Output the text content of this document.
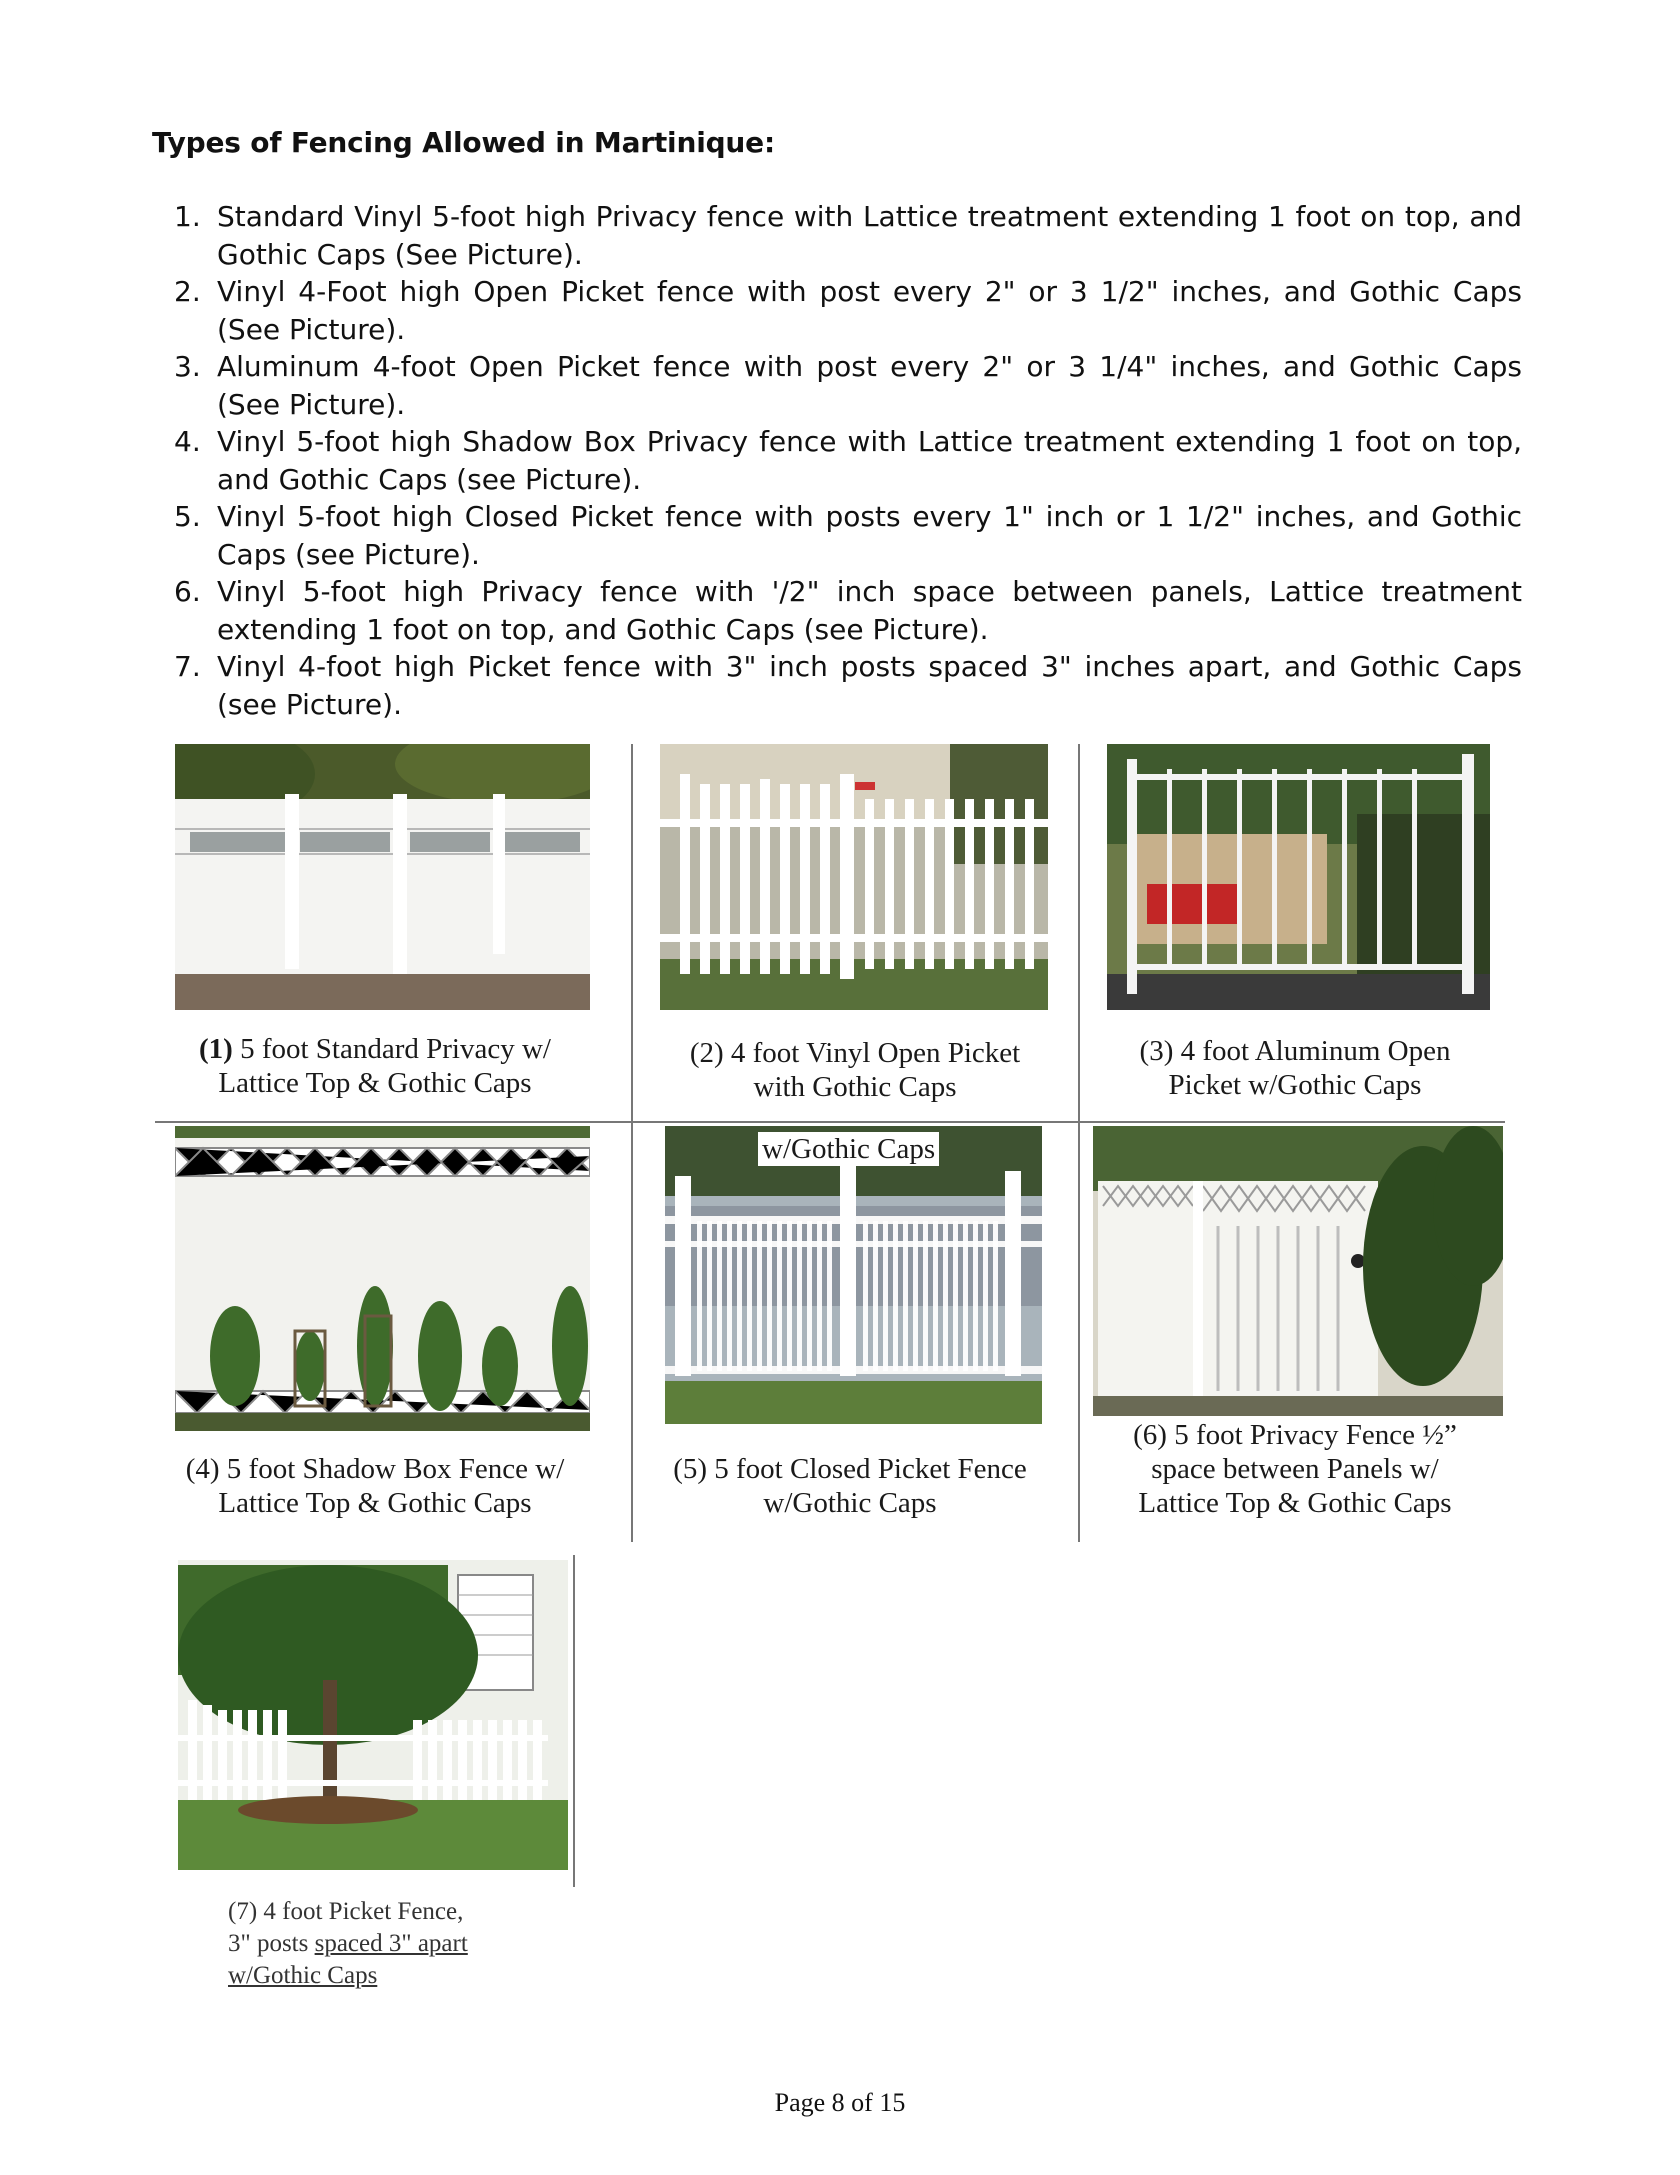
Types of Fencing Allowed in Martinique:
1. Standard Vinyl 5-foot high Privacy fence with Lattice treatment extending 1 foot on top, and Gothic Caps (See Picture).
2. Vinyl 4-Foot high Open Picket fence with post every 2" or 3 1/2" inches, and Gothic Caps (See Picture).
3. Aluminum 4-foot Open Picket fence with post every 2" or 3 1/4" inches, and Gothic Caps (See Picture).
4. Vinyl 5-foot high Shadow Box Privacy fence with Lattice treatment extending 1 foot on top, and Gothic Caps (see Picture).
5. Vinyl 5-foot high Closed Picket fence with posts every 1" inch or 1 1/2" inches, and Gothic Caps (see Picture).
6. Vinyl 5-foot high Privacy fence with '/2" inch space between panels, Lattice treatment extending 1 foot on top, and Gothic Caps (see Picture).
7. Vinyl 4-foot high Picket fence with 3" inch posts spaced 3" inches apart, and Gothic Caps (see Picture).
(1) 5 foot Standard Privacy w/
Lattice Top & Gothic Caps
(2) 4 foot Vinyl Open Picket
with Gothic Caps
(3) 4 foot Aluminum Open
Picket w/Gothic Caps
w/Gothic Caps
(4) 5 foot Shadow Box Fence w/
Lattice Top & Gothic Caps
(5) 5 foot Closed Picket Fence
w/Gothic Caps
(6) 5 foot Privacy Fence ½”
space between Panels w/
Lattice Top & Gothic Caps
(7) 4 foot Picket Fence,
3" posts spaced 3" apart
w/Gothic Caps
Page 8 of 15
